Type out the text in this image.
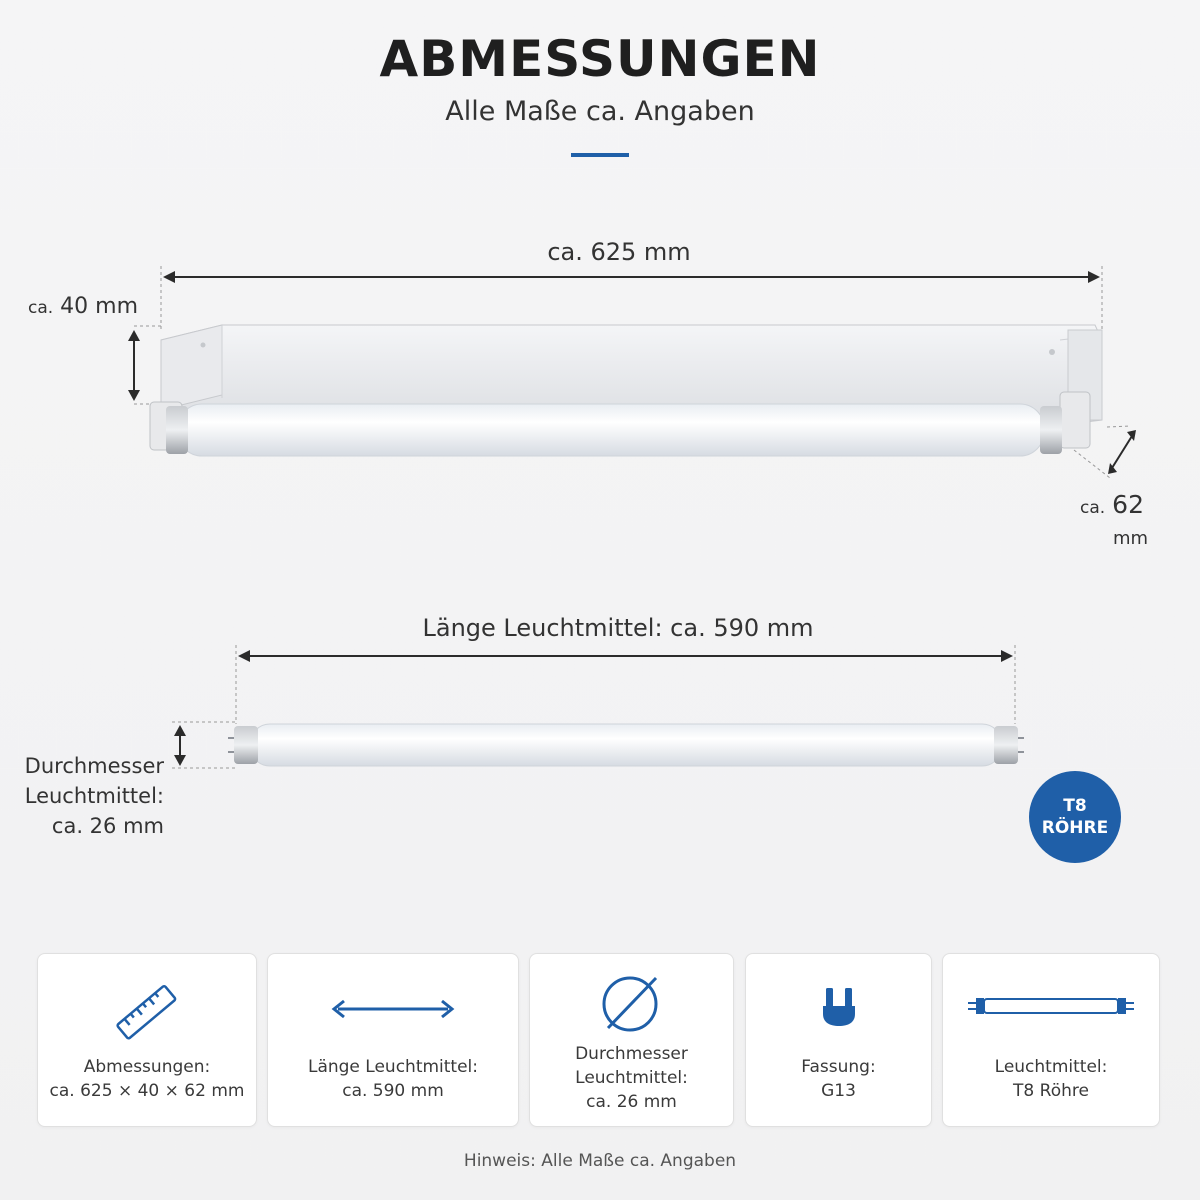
ABMESSUNGEN
Alle Maße ca. Angaben
ca. 625 mm
ca. 40 mm
ca. 62
mm
Länge Leuchtmittel: ca. 590 mm
Durchmesser
Leuchtmittel:
ca. 26 mm
T8
RÖHRE
Abmessungen:
ca. 625 × 40 × 62 mm
Länge Leuchtmittel:
ca. 590 mm
Durchmesser
Leuchtmittel:
ca. 26 mm
Fassung:
G13
Leuchtmittel:
T8 Röhre
Hinweis: Alle Maße ca. Angaben
